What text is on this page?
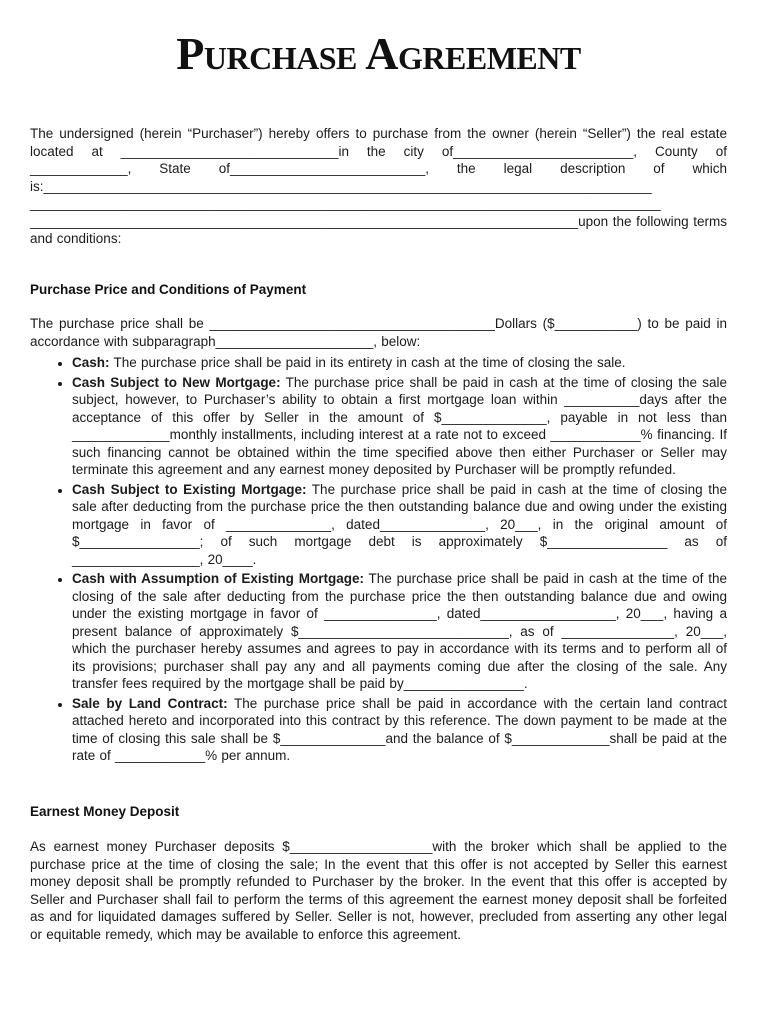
Purchase Agreement

The undersigned (herein “Purchaser”) hereby offers to purchase from the owner (herein “Seller”) the real estate located at _____________________________in the city of________________________, County of _____________, State of__________________________, the legal description of which is:_________________________________________________________________________________ ____________________________________________________________________________________ _________________________________________________________________________upon the following terms and conditions:

Purchase Price and Conditions of Payment

The purchase price shall be ______________________________________Dollars ($___________) to be paid in accordance with subparagraph_____________________, below:

• Cash: The purchase price shall be paid in its entirety in cash at the time of closing the sale.
• Cash Subject to New Mortgage: The purchase price shall be paid in cash at the time of closing the sale subject, however, to Purchaser’s ability to obtain a first mortgage loan within __________days after the acceptance of this offer by Seller in the amount of $______________, payable in not less than _____________monthly installments, including interest at a rate not to exceed ____________% financing. If such financing cannot be obtained within the time specified above then either Purchaser or Seller may terminate this agreement and any earnest money deposited by Purchaser will be promptly refunded.
• Cash Subject to Existing Mortgage: The purchase price shall be paid in cash at the time of closing the sale after deducting from the purchase price the then outstanding balance due and owing under the existing mortgage in favor of ______________, dated______________, 20___, in the original amount of $________________; of such mortgage debt is approximately $________________ as of _________________, 20____.
• Cash with Assumption of Existing Mortgage: The purchase price shall be paid in cash at the time of the closing of the sale after deducting from the purchase price the then outstanding balance due and owing under the existing mortgage in favor of _______________, dated__________________, 20___, having a present balance of approximately $____________________________, as of _______________, 20___, which the purchaser hereby assumes and agrees to pay in accordance with its terms and to perform all of its provisions; purchaser shall pay any and all payments coming due after the closing of the sale. Any transfer fees required by the mortgage shall be paid by________________.
• Sale by Land Contract: The purchase price shall be paid in accordance with the certain land contract attached hereto and incorporated into this contract by this reference. The down payment to be made at the time of closing this sale shall be $______________and the balance of $_____________shall be paid at the rate of ____________% per annum.
Earnest Money Deposit

As earnest money Purchaser deposits $___________________with the broker which shall be applied to the purchase price at the time of closing the sale; In the event that this offer is not accepted by Seller this earnest money deposit shall be promptly refunded to Purchaser by the broker. In the event that this offer is accepted by Seller and Purchaser shall fail to perform the terms of this agreement the earnest money deposit shall be forfeited as and for liquidated damages suffered by Seller. Seller is not, however, precluded from asserting any other legal or equitable remedy, which may be available to enforce this agreement.
